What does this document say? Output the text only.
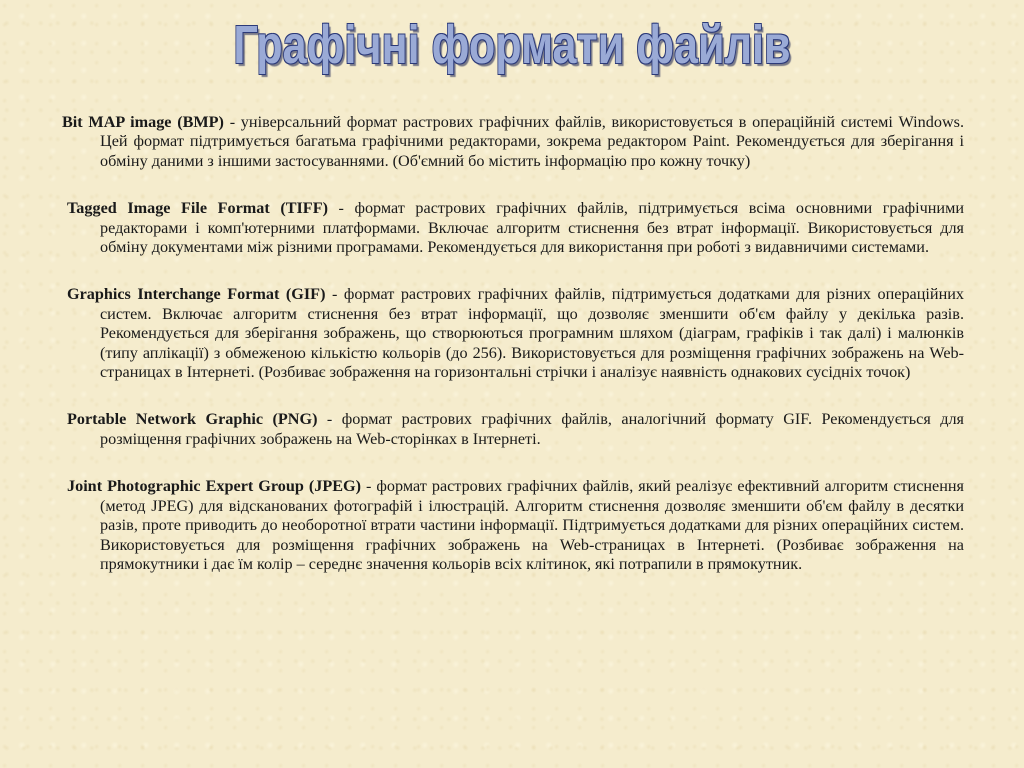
Графічні формати файлів

Bit MAP image (BMP) - універсальний формат растрових графічних файлів, використовується в операційній системі Windows. Цей формат підтримується багатьма графічними редакторами, зокрема редактором Paint. Рекомендується для зберігання і обміну даними з іншими застосуваннями. (Об'ємний бо містить інформацію про кожну точку)

Tagged Image File Format (TIFF) - формат растрових графічних файлів, підтримується всіма основними графічними редакторами і комп'ютерними платформами. Включає алгоритм стиснення без втрат інформації. Використовується для обміну документами між різними програмами. Рекомендується для використання при роботі з видавничими системами.

Graphics Interchange Format (GIF) - формат растрових графічних файлів, підтримується додатками для різних операційних систем. Включає алгоритм стиснення без втрат інформації, що дозволяє зменшити об'єм файлу у декілька разів. Рекомендується для зберігання зображень, що створюються програмним шляхом (діаграм, графіків і так далі) і малюнків (типу аплікації) з обмеженою кількістю кольорів (до 256). Використовується для розміщення графічних зображень на Web-страницах в Інтернеті. (Розбиває зображення на горизонтальні стрічки і аналізує наявність однакових сусідніх точок)

Portable Network Graphic (PNG) - формат растрових графічних файлів, аналогічний формату GIF. Рекомендується для розміщення графічних зображень на Web-сторінках в Інтернеті.

Joint Photographic Expert Group (JPEG) - формат растрових графічних файлів, який реалізує ефективний алгоритм стиснення (метод JPEG) для відсканованих фотографій і ілюстрацій. Алгоритм стиснення дозволяє зменшити об'єм файлу в десятки разів, проте приводить до необоротної втрати частини інформації. Підтримується додатками для різних операційних систем. Використовується для розміщення графічних зображень на Web-страницах в Інтернеті. (Розбиває зображення на прямокутники і дає їм колір – середнє значення кольорів всіх клітинок, які потрапили в прямокутник.
